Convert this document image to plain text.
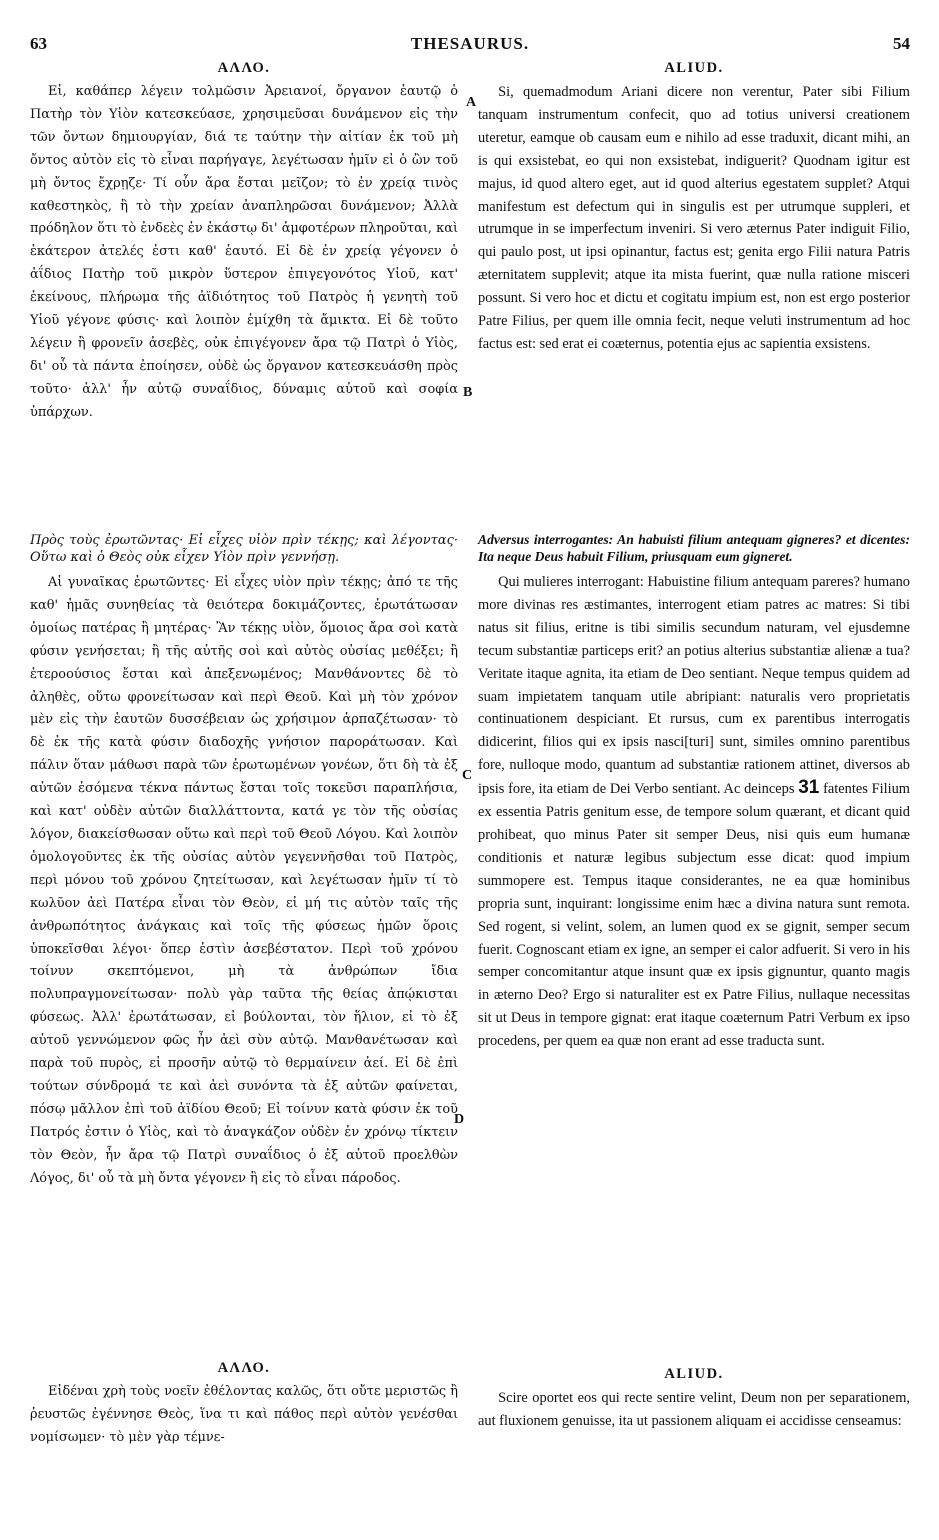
63	THESAURUS.	54
ΑΛΛΟ.

Εἰ, καθάπερ λέγειν τολμῶσιν Ἀρειανοί, ὄργανον ἑαυτῷ ὁ Πατὴρ τὸν Υἱὸν κατεσκεύασε, χρησιμεῦσαι δυνάμενον εἰς τὴν τῶν ὄντων δημιουργίαν, διά τε ταύτην τὴν αἰτίαν ἐκ τοῦ μὴ ὄντος αὐτὸν εἰς τὸ εἶναι παρήγαγε, λεγέτωσαν ἡμῖν εἰ ὁ ὢν τοῦ μὴ ὄντος ἔχρῃζε· Τί οὖν ἄρα ἔσται μεῖζον; τὸ ἐν χρείᾳ τινὸς καθεστηκὸς, ἢ τὸ τὴν χρείαν ἀναπληρῶσαι δυνάμενον; Ἀλλὰ πρόδηλον ὅτι τὸ ἐνδεὲς ἐν ἑκάστῳ δι' ἀμφοτέρων πληροῦται, καὶ ἑκάτερον ἀτελές ἐστι καθ' ἑαυτό. Εἰ δὲ ἐν χρείᾳ γέγονεν ὁ ἀΐδιος Πατὴρ τοῦ μικρὸν ὕστερον ἐπιγεγονότος Υἱοῦ, κατ' ἐκείνους, πλήρωμα τῆς ἀϊδιότητος τοῦ Πατρὸς ἡ γενητὴ τοῦ Υἱοῦ γέγονε φύσις· καὶ λοιπὸν ἐμίχθη τὰ ἄμικτα. Εἰ δὲ τοῦτο λέγειν ἢ φρονεῖν ἀσεβὲς, οὐκ ἐπιγέγονεν ἄρα τῷ Πατρὶ ὁ Υἱὸς, δι' οὗ τὰ πάντα ἐποίησεν, οὐδὲ ὡς ὄργανον κατεσκευάσθη πρὸς τοῦτο· ἀλλ' ἦν αὐτῷ συναΐδιος, δύναμις αὐτοῦ καὶ σοφία ὑπάρχων.

ALIUD.

Si, quemadmodum Ariani dicere non verentur, Pater sibi Filium tanquam instrumentum confecit, quo ad totius universi creationem uteretur, eamque ob causam eum e nihilo ad esse traduxit, dicant mihi, an is qui exsistebat, eo qui non exsistebat, indiguerit? Quodnam igitur est majus, id quod altero eget, aut id quod alterius egestatem supplet? Atqui manifestum est defectum qui in singulis est per utrumque suppleri, et utrumque in se imperfectum inveniri. Si vero æternus Pater indiguit Filio, qui paulo post, ut ipsi opinantur, factus est; genita ergo Filii natura Patris æternitatem supplevit; atque ita mista fuerint, quæ nulla ratione misceri possunt. Si vero hoc et dictu et cogitatu impium est, non est ergo posterior Patre Filius, per quem ille omnia fecit, neque veluti instrumentum ad hoc factus est: sed erat ei coæternus, potentia ejus ac sapientia exsistens.

A

Πρὸς τοὺς ἐρωτῶντας· Εἰ εἶχες υἱὸν πρὶν τέκῃς; καὶ λέγοντας· Οὕτω καὶ ὁ Θεὸς οὐκ εἶχεν Υἱὸν πρὶν γεννήσῃ.

Αἱ γυναῖκας ἐρωτῶντες· Εἰ εἶχες υἱὸν πρὶν τέκῃς; ἀπό τε τῆς καθ' ἡμᾶς συνηθείας τὰ θειότερα δοκιμάζοντες, ἐρωτάτωσαν ὁμοίως πατέρας ἢ μητέρας· Ἂν τέκῃς υἱὸν, ὅμοιος ἄρα σοὶ κατὰ φύσιν γενήσεται; ἢ τῆς αὐτῆς σοὶ καὶ αὐτὸς οὐσίας μεθέξει; ἢ ἑτεροούσιος ἔσται καὶ ἀπεξενωμένος; Μανθάνοντες δὲ τὸ ἀληθὲς, οὕτω φρονείτωσαν καὶ περὶ Θεοῦ. Καὶ μὴ τὸν χρόνον μὲν εἰς τὴν ἑαυτῶν δυσσέβειαν ὡς χρήσιμον ἁρπαζέτωσαν· τὸ δὲ ἐκ τῆς κατὰ φύσιν διαδοχῆς γνήσιον παροράτωσαν. Καὶ πάλιν ὅταν μάθωσι παρὰ τῶν ἐρωτωμένων γονέων, ὅτι δὴ τὰ ἐξ αὐτῶν ἐσόμενα τέκνα πάντως ἔσται τοῖς τοκεῦσι παραπλήσια, καὶ κατ' οὐδὲν αὐτῶν διαλλάττοντα, κατά γε τὸν τῆς οὐσίας λόγον, διακείσθωσαν οὕτω καὶ περὶ τοῦ Θεοῦ Λόγου. Καὶ λοιπὸν ὁμολογοῦντες ἐκ τῆς οὐσίας αὐτὸν γεγεννῆσθαι τοῦ Πατρὸς, περὶ μόνου τοῦ χρόνου ζητείτωσαν, καὶ λεγέτωσαν ἡμῖν τί τὸ κωλῦον ἀεὶ Πατέρα εἶναι τὸν Θεὸν, εἰ μή τις αὐτὸν ταῖς τῆς ἀνθρωπότητος ἀνάγκαις καὶ τοῖς τῆς φύσεως ἡμῶν ὅροις ὑποκεῖσθαι λέγοι· ὅπερ ἐστὶν ἀσεβέστατον. Περὶ τοῦ χρόνου τοίνυν σκεπτόμενοι, μὴ τὰ ἀνθρώπων ἴδια πολυπραγμονείτωσαν· πολὺ γὰρ ταῦτα τῆς θείας ἀπῴκισται φύσεως. Ἀλλ' ἐρωτάτωσαν, εἰ βούλονται, τὸν ἥλιον, εἰ τὸ ἐξ αὐτοῦ γεννώμενον φῶς ἦν ἀεὶ σὺν αὐτῷ. Μανθανέτωσαν καὶ παρὰ τοῦ πυρὸς, εἰ προσῆν αὐτῷ τὸ θερμαίνειν ἀεί. Εἰ δὲ ἐπὶ τούτων σύνδρομά τε καὶ ἀεὶ συνόντα τὰ ἐξ αὐτῶν φαίνεται, πόσῳ μᾶλλον ἐπὶ τοῦ ἀϊδίου Θεοῦ; Εἰ τοίνυν κατὰ φύσιν ἐκ τοῦ Πατρός ἐστιν ὁ Υἱὸς, καὶ τὸ ἀναγκάζον οὐδὲν ἐν χρόνῳ τίκτειν τὸν Θεὸν, ἦν ἄρα τῷ Πατρὶ συναΐδιος ὁ ἐξ αὐτοῦ προελθὼν Λόγος, δι' οὗ τὰ μὴ ὄντα γέγονεν ἢ εἰς τὸ εἶναι πάροδος.

Adversus interrogantes: An habuisti filium antequam gigneres? et dicentes: Ita neque Deus habuit Filium, priusquam eum gigneret.

Qui mulieres interrogant: Habuistine filium antequam pareres? humano more divinas res æstimantes, interrogent etiam patres ac matres: Si tibi natus sit filius, eritne is tibi similis secundum naturam, vel ejusdemne tecum substantiæ particeps erit? an potius alterius substantiæ alienæ a tua? Veritate itaque agnita, ita etiam de Deo sentiant. Neque tempus quidem ad suam impietatem tanquam utile abripiant: naturalis vero proprietatis continuationem despiciant. Et rursus, cum ex parentibus interrogatis didicerint, filios qui ex ipsis nasci[turi] sunt, similes omnino parentibus fore, nulloque modo, quantum ad substantiæ rationem attinet, diversos ab ipsis fore, ita etiam de Dei Verbo sentiant. Ac deinceps 31 fatentes Filium ex essentia Patris genitum esse, de tempore solum quærant, et dicant quid prohibeat, quo minus Pater sit semper Deus, nisi quis eum humanæ conditionis et naturæ legibus subjectum esse dicat: quod impium summopere est. Tempus itaque considerantes, ne ea quæ hominibus propria sunt, inquirant: longissime enim hæc a divina natura sunt remota. Sed rogent, si velint, solem, an lumen quod ex se gignit, semper secum fuerit. Cognoscant etiam ex igne, an semper ei calor adfuerit. Si vero in his semper concomitantur atque insunt quæ ex ipsis gignuntur, quanto magis in æterno Deo? Ergo si naturaliter est ex Patre Filius, nullaque necessitas sit ut Deus in tempore gignat: erat itaque coæternum Patri Verbum ex ipso procedens, per quem ea quæ non erant ad esse traducta sunt.

B
C
D
ΑΛΛΟ.

Εἰδέναι χρὴ τοὺς νοεῖν ἐθέλοντας καλῶς, ὅτι οὔτε μεριστῶς ἢ ῥευστῶς ἐγέννησε Θεὸς, ἵνα τι καὶ πάθος περὶ αὐτὸν γενέσθαι νομίσωμεν· τὸ μὲν γὰρ τέμνε-

ALIUD.

Scire oportet eos qui recte sentire velint, Deum non per separationem, aut fluxionem genuisse, ita ut passionem aliquam ei accidisse censeamus:
